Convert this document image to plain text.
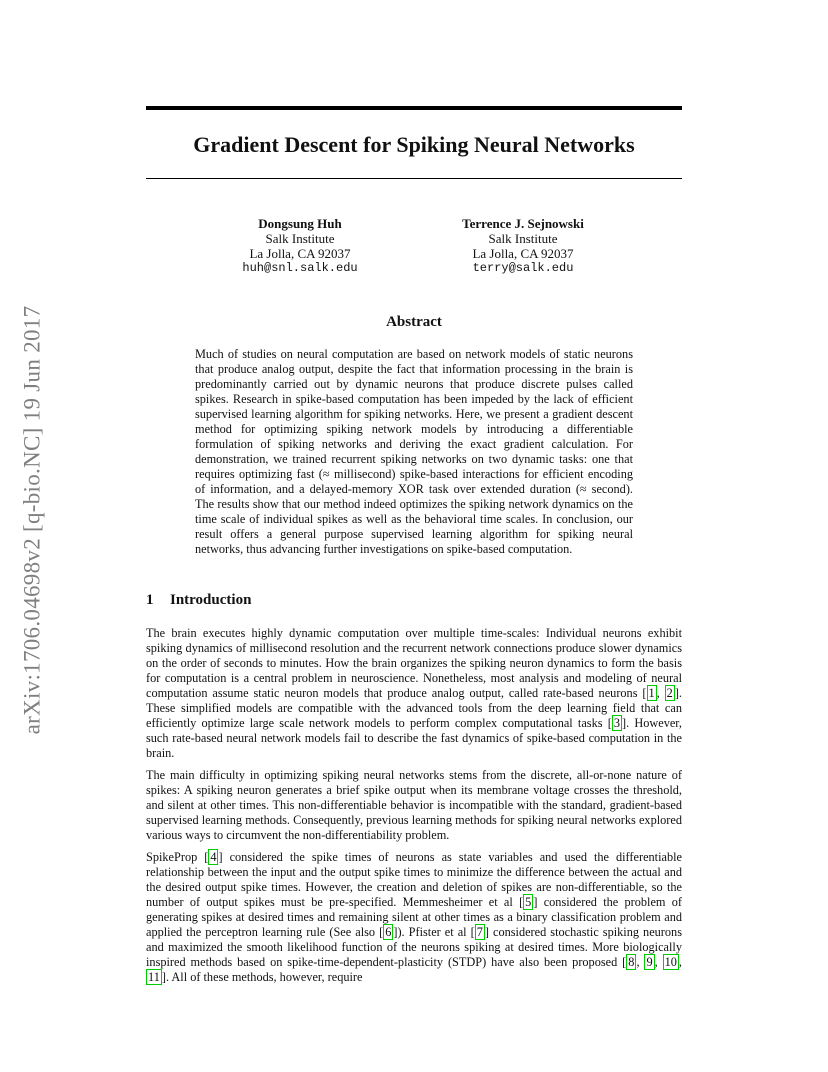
arXiv:1706.04698v2 [q-bio.NC] 19 Jun 2017
Gradient Descent for Spiking Neural Networks
Dongsung Huh
Salk Institute
La Jolla, CA 92037
huh@snl.salk.edu
Terrence J. Sejnowski
Salk Institute
La Jolla, CA 92037
terry@salk.edu
Abstract
Much of studies on neural computation are based on network models of static neurons that produce analog output, despite the fact that information processing in the brain is predominantly carried out by dynamic neurons that produce discrete pulses called spikes. Research in spike-based computation has been impeded by the lack of efficient supervised learning algorithm for spiking networks. Here, we present a gradient descent method for optimizing spiking network models by introducing a differentiable formulation of spiking networks and deriving the exact gradient calculation. For demonstration, we trained recurrent spiking networks on two dynamic tasks: one that requires optimizing fast (≈ millisecond) spike-based interactions for efficient encoding of information, and a delayed-memory XOR task over extended duration (≈ second). The results show that our method indeed optimizes the spiking network dynamics on the time scale of individual spikes as well as the behavioral time scales. In conclusion, our result offers a general purpose supervised learning algorithm for spiking neural networks, thus advancing further investigations on spike-based computation.
1 Introduction

The brain executes highly dynamic computation over multiple time-scales: Individual neurons exhibit spiking dynamics of millisecond resolution and the recurrent network connections produce slower dynamics on the order of seconds to minutes. How the brain organizes the spiking neuron dynamics to form the basis for computation is a central problem in neuroscience. Nonetheless, most analysis and modeling of neural computation assume static neuron models that produce analog output, called rate-based neurons [ 1 , 2 ]. These simplified models are compatible with the advanced tools from the deep learning field that can efficiently optimize large scale network models to perform complex computational tasks [ 3 ]. However, such rate-based neural network models fail to describe the fast dynamics of spike-based computation in the brain.

The main difficulty in optimizing spiking neural networks stems from the discrete, all-or-none nature of spikes: A spiking neuron generates a brief spike output when its membrane voltage crosses the threshold, and silent at other times. This non-differentiable behavior is incompatible with the standard, gradient-based supervised learning methods. Consequently, previous learning methods for spiking neural networks explored various ways to circumvent the non-differentiability problem.

SpikeProp [ 4 ] considered the spike times of neurons as state variables and used the differentiable relationship between the input and the output spike times to minimize the difference between the actual and the desired output spike times. However, the creation and deletion of spikes are non-differentiable, so the number of output spikes must be pre-specified. Memmesheimer et al [ 5 ] considered the problem of generating spikes at desired times and remaining silent at other times as a binary classification problem and applied the perceptron learning rule (See also [ 6 ]). Pfister et al [ 7 ] considered stochastic spiking neurons and maximized the smooth likelihood function of the neurons spiking at desired times. More biologically inspired methods based on spike-time-dependent-plasticity (STDP) have also been proposed [ 8 , 9 , 10 , 11 ]. All of these methods, however, require
